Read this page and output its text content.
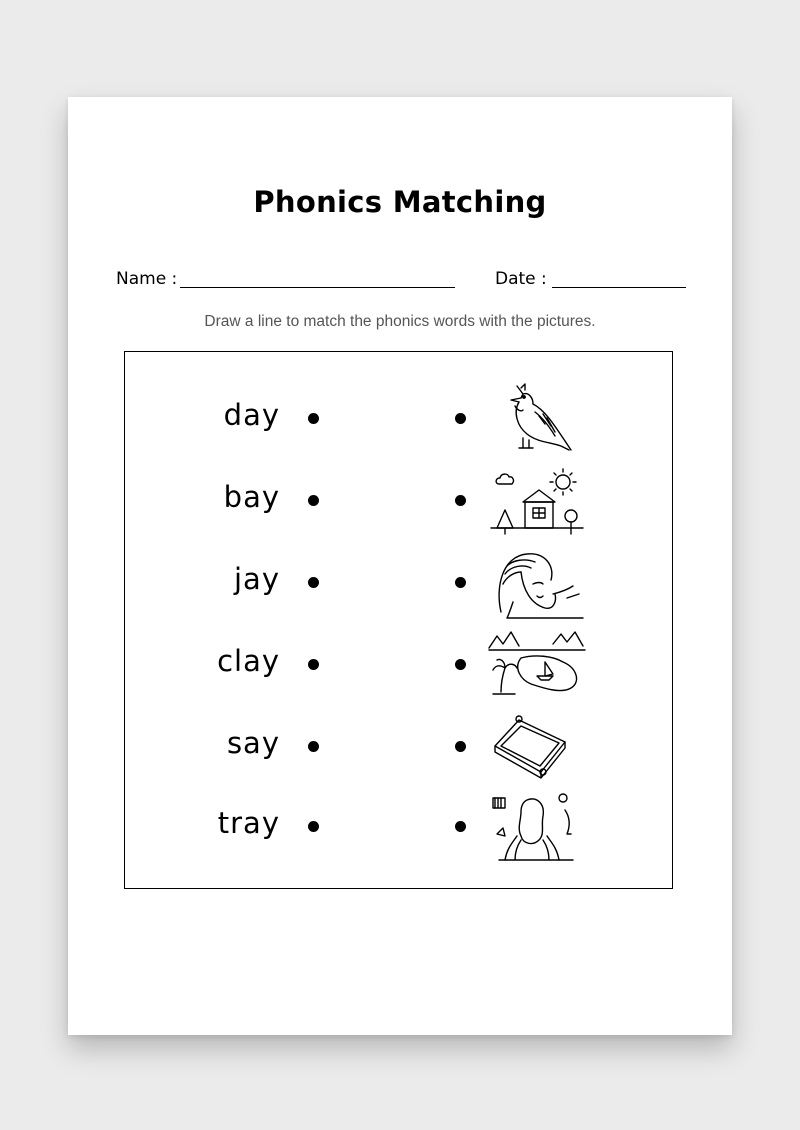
Phonics Matching
Name :	Date :
Draw a line to match the phonics words with the pictures.
day
bay
jay
clay
say
tray
